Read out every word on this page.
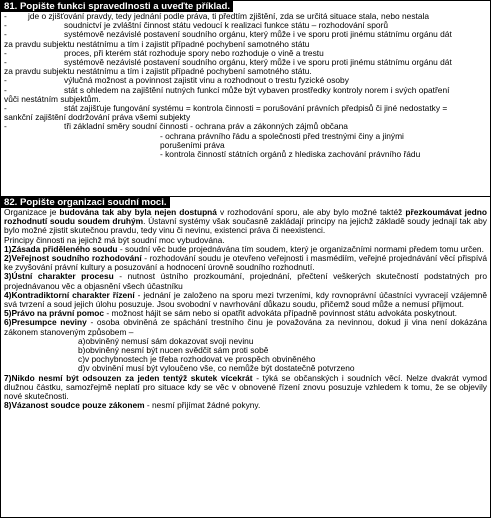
81. Popište funkci spravedlnosti a uveďte příklad.
-	jde o zjišťování pravdy, tedy jednání podle práva, ti předtím zjištění, zda se určitá situace stala, nebo nestala
-	soudnictví je zvláštní činnost státu vedoucí k realizaci funkce státu – rozhodování sporů
-	systémově nezávislé postavení soudního orgánu, který může i ve sporu proti jinému státnímu orgánu dát
za pravdu subjektu nestátnímu a tím i zajistit případné pochybení samotného státu
-	proces, při kterém stát rozhoduje spory nebo rozhoduje o vině a trestu
-	systémově nezávislé postavení soudního orgánu, který může i ve sporu proti jinému státnímu orgánu dát
za pravdu subjektu nestátnímu a tím i zajistit případné pochybení samotného státu.
-	výlučná možnost a povinnost zajistit vinu a rozhodnout o trestu fyzické osoby
-	stát s ohledem na zajištění nutných funkcí může být vybaven prostředky kontroly norem i svých opatření
vůči nestátním subjektům.
-	stát zajišťuje fungování systému = kontrola činnosti = porušování právních předpisů či jiné nedostatky =
sankční zajištění dodržování práva všemi subjekty
-	tři základní směry soudní činnosti - ochrana práv a zákonných zájmů občana
- ochrana právního řádu a společnosti před trestnými činy a jinými
porušeními práva
- kontrola činností státních orgánů z hlediska zachování právního řádu
82. Popište organizaci soudní moci.

Organizace je budována tak aby byla nejen dostupná v rozhodování sporu, ale aby bylo možné taktéž přezkoumávat jedno rozhodnutí soudu soudem druhým. Ústavní systémy však současně zakládají principy na jejichž základě soudy jednají tak aby bylo možné zjistit skutečnou pravdu, tedy vinu či nevinu, existenci práva či neexistenci.

Principy činnosti na jejichž má být soudní moc vybudována.

1)Zásada přiděleného soudu - soudní věc bude projednávána tím soudem, který je organizačními normami předem tomu určen.

2)Veřejnost soudního rozhodování - rozhodování soudu je otevřeno veřejnosti i masmédiím, veřejné projednávání věcí přispívá ke zvyšování právní kultury a posuzování a hodnocení úrovně soudního rozhodnutí.

3)Ústní charakter procesu - nutnost ústního prozkoumání, projednání, přečtení veškerých skutečností podstatných pro projednávanou věc a objasnění všech účastníku

4)Kontradiktorní charakter řízení - jednání je založeno na sporu mezi tvrzeními, kdy rovnoprávní účastníci vyvracejí vzájemně svá tvrzení a soud jejich úlohu posuzuje. Jsou svobodní v navrhování důkazu soudu, přičemž soud může a nemusí přijmout.

5)Právo na právní pomoc - možnost hájit se sám nebo si opatřit advokáta případně povinnost státu advokáta poskytnout.

6)Presumpce neviny - osoba obviněná ze spáchání trestního činu je považována za nevinnou, dokud ji vina není dokázána zákonem stanoveným způsobem –

a)obviněný nemusí sám dokazovat svoji nevinu
b)obviněný nesmí být nucen svědčit sám proti sobě
c)v pochybnostech je třeba rozhodovat ve prospěch obviněného
d)v obvinění musí být vyloučeno vše, co nemůže být dostatečně potvrzeno

7)Nikdo nesmí být odsouzen za jeden tentýž skutek vícekrát - týká se občanských i soudních věcí. Nelze dvakrát vymod dlužnou částku, samozřejmě neplatí pro situace kdy se věc v obnovené řízení znovu posuzuje vzhledem k tomu, že se objevily nové skutečnosti.

8)Vázanost soudce pouze zákonem - nesmí přijímat žádné pokyny.
